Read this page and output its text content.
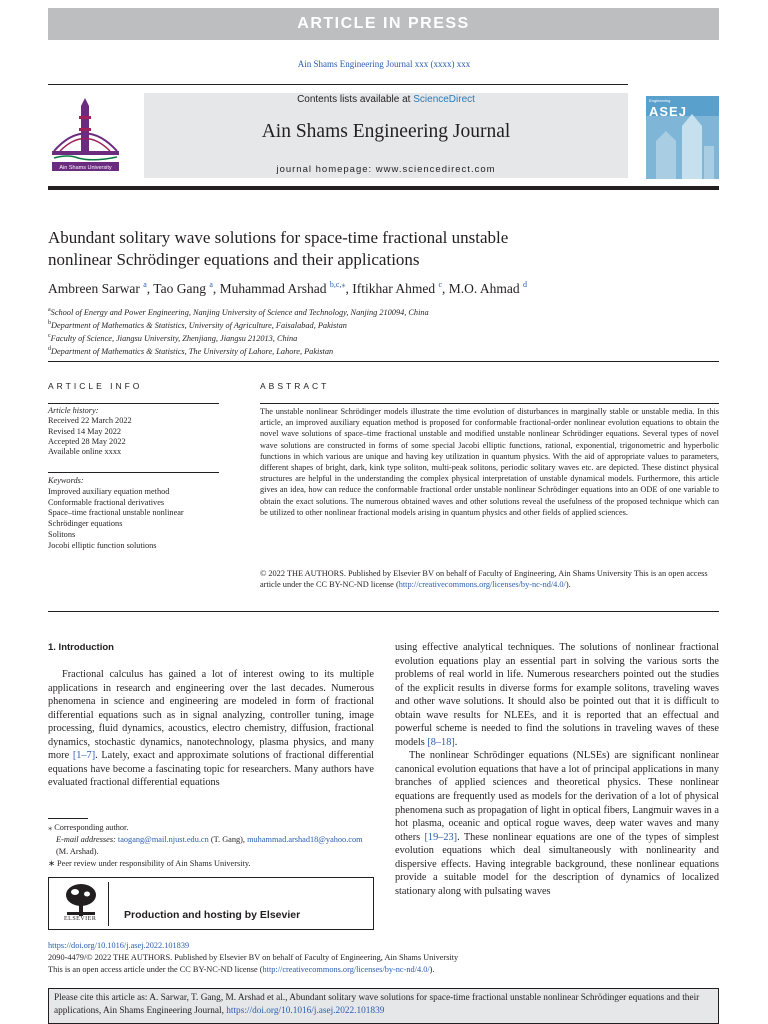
ARTICLE IN PRESS
Ain Shams Engineering Journal xxx (xxxx) xxx
Ain Shams University
Contents lists available at ScienceDirect
Ain Shams Engineering Journal
journal homepage: www.sciencedirect.com
Engineering
ASEJ
Abundant solitary wave solutions for space-time fractional unstable
nonlinear Schrödinger equations and their applications
Ambreen Sarwar $^a$, Tao Gang $^a$, Muhammad Arshad $^{b,c,⁎}$, Iftikhar Ahmed $^c$, M.O. Ahmad $^d$
$^a$School of Energy and Power Engineering, Nanjing University of Science and Technology, Nanjing 210094, China
$^b$Department of Mathematics & Statistics, University of Agriculture, Faisalabad, Pakistan
$^c$Faculty of Science, Jiangsu University, Zhenjiang, Jiangsu 212013, China
$^d$Department of Mathematics & Statistics, The University of Lahore, Lahore, Pakistan
ARTICLE INFO
Article history:
Received 22 March 2022
Revised 14 May 2022
Accepted 28 May 2022
Available online xxxx
Keywords:
Improved auxiliary equation method
Conformable fractional derivatives
Space–time fractional unstable nonlinear
Schrödinger equations
Solitons
Jocobi elliptic function solutions
ABSTRACT
The unstable nonlinear Schrödinger models illustrate the time evolution of disturbances in marginally stable or unstable media. In this article, an improved auxiliary equation method is proposed for conformable fractional-order nonlinear evolution equations to obtain the novel wave solutions of space–time fractional unstable and modified unstable nonlinear Schrödinger equations. Several types of novel wave solutions are constructed in forms of some special Jacobi elliptic functions, rational, exponential, trigonometric and hyperbolic functions in which various are unique and having key utilization in quantum physics. With the aid of appropriate values to parameters, different shapes of bright, dark, kink type soliton, multi-peak solitons, periodic solitary waves etc. are depicted. These distinct physical structures are helpful in the understanding the complex physical interpretation of unstable dynamical models. Furthermore, this article gives an idea, how can reduce the conformable fractional order unstable nonlinear Schrödinger equations into an ODE of one variable to obtain the exact solutions. The numerous obtained waves and other solutions reveal the usefulness of the proposed technique which can be utilized to other nonlinear fractional models arising in quantum physics and other fields of applied sciences.
© 2022 THE AUTHORS. Published by Elsevier BV on behalf of Faculty of Engineering, Ain Shams University This is an open access article under the CC BY-NC-ND license (http://creativecommons.org/licenses/by-nc-nd/4.0/).
1. Introduction

Fractional calculus has gained a lot of interest owing to its multiple applications in research and engineering over the last decades. Numerous phenomena in science and engineering are modeled in form of fractional differential equations such as in signal analyzing, controller tuning, image processing, fluid dynamics, acoustics, electro chemistry, diffusion, fractional dynamics, stochastic dynamics, nanotechnology, plasma physics, and many more [1–7]. Lately, exact and approximate solutions of fractional differential equations have become a fascinating topic for researchers. Many authors have evaluated fractional differential equations

using effective analytical techniques. The solutions of nonlinear fractional evolution equations play an essential part in solving the various sorts the problems of real world in life. Numerous researchers pointed out the studies of the explicit results in diverse forms for example solitons, traveling waves and other wave solutions. It should also be pointed out that it is difficult to obtain wave results for NLEEs, and it is reported that an effectual and powerful scheme is needed to find the solutions in traveling waves of these models [8–18].

The nonlinear Schrödinger equations (NLSEs) are significant nonlinear canonical evolution equations that have a lot of principal applications in many branches of applied sciences and theoretical physics. These nonlinear equations are frequently used as models for the derivation of a lot of physical phenomena such as propagation of light in optical fibers, Langmuir waves in a hot plasma, oceanic and optical rogue waves, deep water waves and many others [19–23]. These nonlinear equations are one of the types of simplest evolution equations which deal simultaneously with nonlinearity and dispersive effects. Having integrable background, these nonlinear equations provide a suitable model for the description of dynamics of localized stationary along with pulsating waves

⁎ Corresponding author.
E-mail addresses: taogang@mail.njust.edu.cn (T. Gang), muhammad.arshad18@yahoo.com (M. Arshad).
∗ Peer review under responsibility of Ain Shams University.
ELSEVIER	Production and hosting by Elsevier
https://doi.org/10.1016/j.asej.2022.101839
2090-4479/© 2022 THE AUTHORS. Published by Elsevier BV on behalf of Faculty of Engineering, Ain Shams University
This is an open access article under the CC BY-NC-ND license (http://creativecommons.org/licenses/by-nc-nd/4.0/).
Please cite this article as: A. Sarwar, T. Gang, M. Arshad et al., Abundant solitary wave solutions for space-time fractional unstable nonlinear Schrödinger equations and their applications, Ain Shams Engineering Journal, https://doi.org/10.1016/j.asej.2022.101839
